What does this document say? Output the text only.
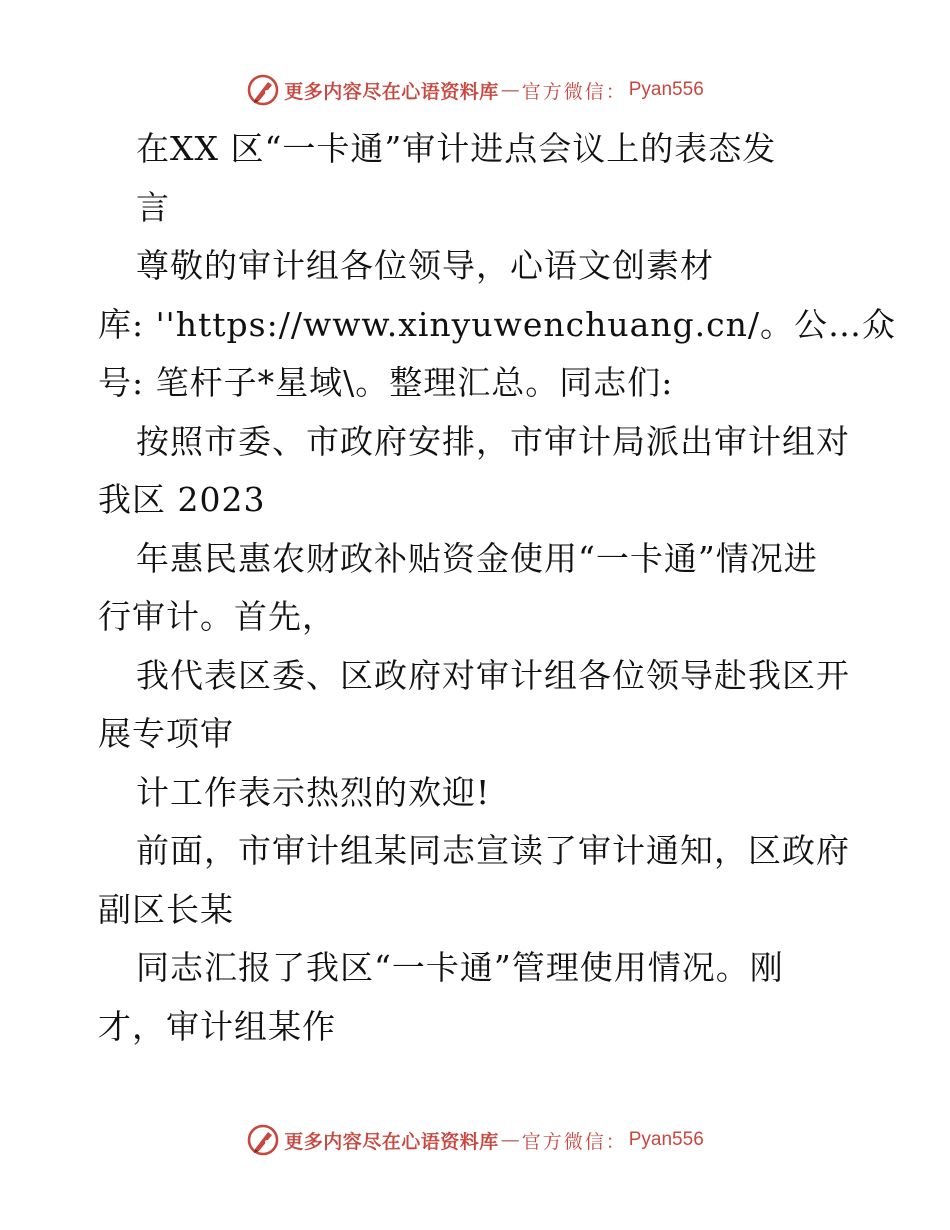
更多内容尽在心语资料库 — 官方微信： Pyan556
在XX 区“一卡通”审计进点会议上的表态发
言
尊敬的审计组各位领导，心语文创素材
库: ''https://www.xinyuwenchuang.cn/。公…众
号: 笔杆子*星域\。整理汇总。同志们:
按照市委、市政府安排，市审计局派出审计组对
我区 2023
年惠民惠农财政补贴资金使用“一卡通”情况进
行审计。首先，
我代表区委、区政府对审计组各位领导赴我区开
展专项审
计工作表示热烈的欢迎!
前面，市审计组某同志宣读了审计通知，区政府
副区长某
同志汇报了我区“一卡通”管理使用情况。刚
才，审计组某作
更多内容尽在心语资料库 — 官方微信： Pyan556
